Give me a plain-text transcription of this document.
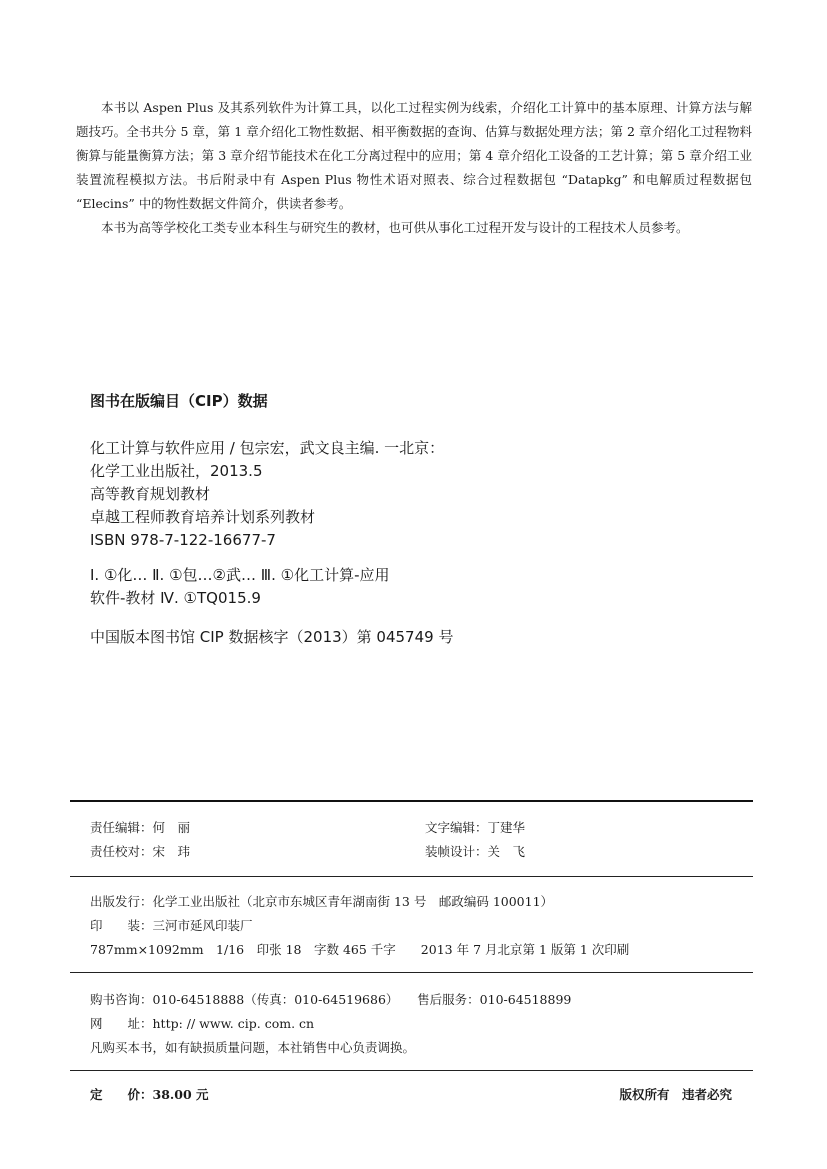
本书以 Aspen Plus 及其系列软件为计算工具，以化工过程实例为线索，介绍化工计算中的基本原理、计算方法与解题技巧。全书共分 5 章，第 1 章介绍化工物性数据、相平衡数据的查询、估算与数据处理方法；第 2 章介绍化工过程物料衡算与能量衡算方法；第 3 章介绍节能技术在化工分离过程中的应用；第 4 章介绍化工设备的工艺计算；第 5 章介绍工业装置流程模拟方法。书后附录中有 Aspen Plus 物性术语对照表、综合过程数据包 “Datapkg” 和电解质过程数据包 “Elecins” 中的物性数据文件简介，供读者参考。

本书为高等学校化工类专业本科生与研究生的教材，也可供从事化工过程开发与设计的工程技术人员参考。

图书在版编目（CIP）数据
化工计算与软件应用 / 包宗宏，武文良主编. 一北京：
化学工业出版社，2013.5
高等教育规划教材
卓越工程师教育培养计划系列教材
ISBN 978-7-122-16677-7
Ⅰ. ①化… Ⅱ. ①包…②武… Ⅲ. ①化工计算-应用
软件-教材 Ⅳ. ①TQ015.9
中国版本图书馆 CIP 数据核字（2013）第 045749 号
责任编辑：何　丽	文字编辑：丁建华
责任校对：宋　玮	装帧设计：关　飞
出版发行：化学工业出版社（北京市东城区青年湖南街 13 号　邮政编码 100011）
印　　装：三河市延风印装厂
787mm×1092mm　1/16　印张 18　字数 465 千字　　2013 年 7 月北京第 1 版第 1 次印刷
购书咨询：010-64518888（传真：010-64519686）　　售后服务：010-64518899
网　　址：http: // www. cip. com. cn
凡购买本书，如有缺损质量问题，本社销售中心负责调换。
定　　价：38.00 元	版权所有　违者必究
